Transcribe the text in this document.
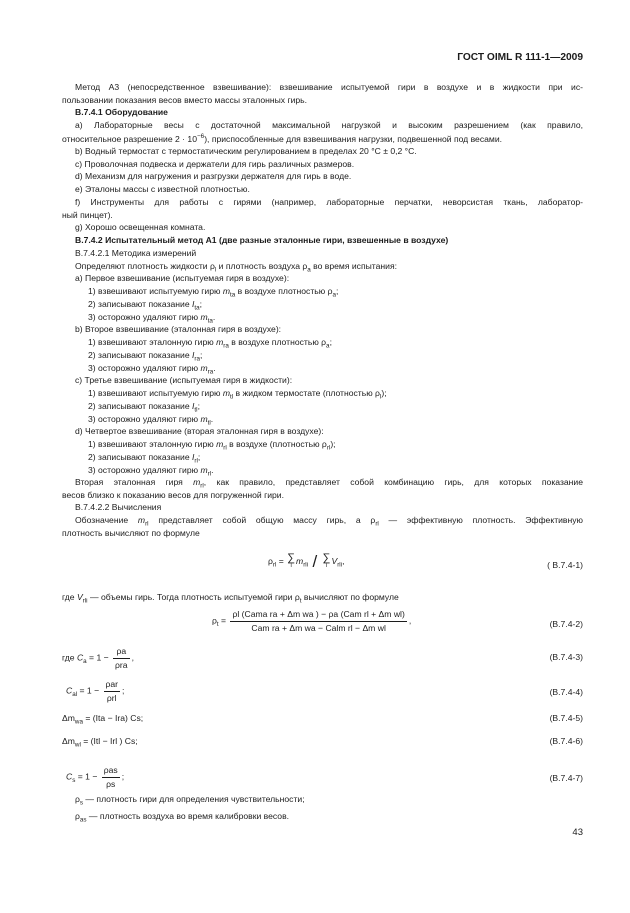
ГОСТ OIML R 111-1—2009
Метод А3 (непосредственное взвешивание): взвешивание испытуемой гири в воздухе и в жидкости при ис-
пользовании показания весов вместо массы эталонных гирь.
B.7.4.1 Оборудование
а) Лабораторные весы с достаточной максимальной нагрузкой и высоким разрешением (как правило,
относительное разрешение $2 \cdot 10^{-6}$), приспособленные для взвешивания нагрузки, подвешенной под весами.
b) Водный термостат с термостатическим регулированием в пределах 20 °С ± 0,2 °С.
c) Проволочная подвеска и держатели для гирь различных размеров.
d) Механизм для нагружения и разгрузки держателя для гирь в воде.
e) Эталоны массы с известной плотностью.
f) Инструменты для работы с гирями (например, лабораторные перчатки, неворсистая ткань, лаборатор-
ный пинцет).
g) Хорошо освещенная комната.
B.7.4.2 Испытательный метод А1 (две разные эталонные гири, взвешенные в воздухе)
B.7.4.2.1 Методика измерений
Определяют плотность жидкости $\rho_l$ и плотность воздуха $\rho_a$ во время испытания:
а) Первое взвешивание (испытуемая гиря в воздухе):
1) взвешивают испытуемую гирю $m_{ta}$ в воздухе плотностью $\rho_a$;
2) записывают показание $I_{ta}$;
3) осторожно удаляют гирю $m_{ta}$.
b) Второе взвешивание (эталонная гиря в воздухе):
1) взвешивают эталонную гирю $m_{ra}$ в воздухе плотностью $\rho_a$;
2) записывают показание $I_{ra}$;
3) осторожно удаляют гирю $m_{ra}$.
c) Третье взвешивание (испытуемая гиря в жидкости):
1) взвешивают испытуемую гирю $m_{tl}$ в жидком термостате (плотностью $\rho_l$);
2) записывают показание $I_{tl}$;
3) осторожно удаляют гирю $m_{tl}$.
d) Четвертое взвешивание (вторая эталонная гиря в воздухе):
1) взвешивают эталонную гирю $m_{rl}$ в воздухе (плотностью $\rho_{rl}$);
2) записывают показание $I_{rl}$;
3) осторожно удаляют гирю $m_{rl}$.
Вторая эталонная гиря $m_{rl}$, как правило, представляет собой комбинацию гирь, для которых показание
весов близко к показанию весов для погруженной гири.
B.7.4.2.2 Вычисления
Обозначение $m_{rl}$ представляет собой общую массу гирь, а $\rho_{rl}$ — эффективную плотность. Эффективную
плотность вычисляют по формуле
$\rho_{rl}$ = ∑
i $m_{rli}$ / ∑
i $V_{rli}$,	( B.7.4-1)
где $V_{rli}$ — объемы гирь. Тогда плотность испытуемой гири $\rho_t$ вычисляют по формуле
$\rho_t = \frac{\text{ρl (Cama ra + Δm wa ) − ρa (Cam rl + Δm wl)}}{\text{Cam ra + Δm wa − Calm rl − Δm wl}}$ ,	(B.7.4-2)
где $C_a = 1 - \frac{\rho a}{\text{ρra}}$ ,	(B.7.4-3)
$C_{al} = 1 - \frac{\text{ρar}}{\text{ρrl}}$ ;	(B.7.4-4)
$\Delta m_{wa} = (Ita - Ira)$ Cs;	(B.7.4-5)
$\Delta m_{wl} = (Itl$ − Irl ) Cs;	(B.7.4-6)
$C_s = 1 - \frac{\text{ρas}}{\rho s}$ ;	(B.7.4-7)
$\rho_s$ — плотность гири для определения чувствительности;
$\rho_{as}$ — плотность воздуха во время калибровки весов.
43
